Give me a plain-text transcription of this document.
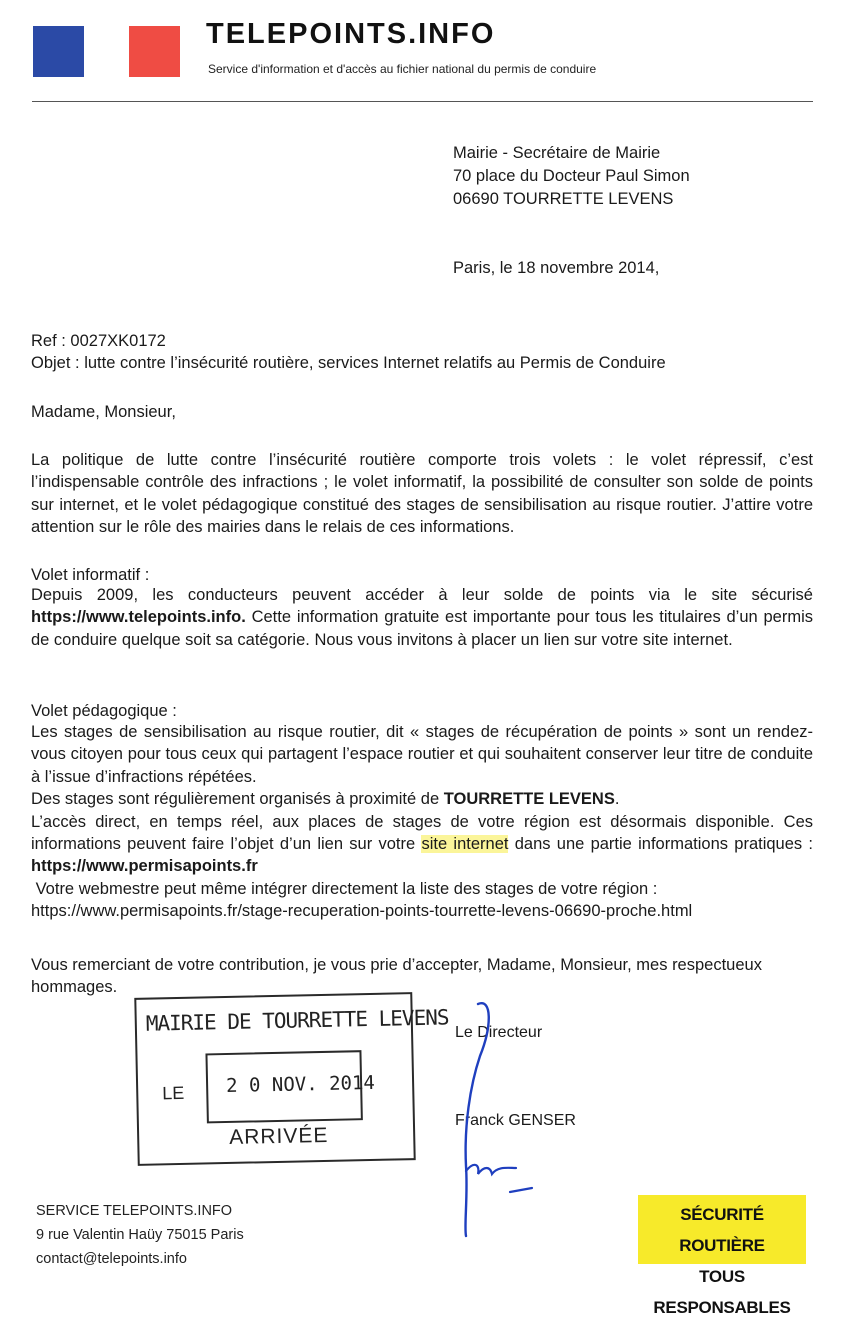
TELEPOINTS.INFO
Service d'information et d'accès au fichier national du permis de conduire
Mairie - Secrétaire de Mairie
70 place du Docteur Paul Simon
06690 TOURRETTE LEVENS
Paris, le 18 novembre 2014,
Ref : 0027XK0172
Objet : lutte contre l’insécurité routière, services Internet relatifs au Permis de Conduire
Madame, Monsieur,
La politique de lutte contre l’insécurité routière comporte trois volets : le volet répressif, c’est l’indispensable contrôle des infractions ; le volet informatif, la possibilité de consulter son solde de points sur internet, et le volet pédagogique constitué des stages de sensibilisation au risque routier. J’attire votre attention sur le rôle des mairies dans le relais de ces informations.
Volet informatif :
Depuis 2009, les conducteurs peuvent accéder à leur solde de points via le site sécurisé https://www.telepoints.info. Cette information gratuite est importante pour tous les titulaires d’un permis de conduire quelque soit sa catégorie. Nous vous invitons à placer un lien sur votre site internet.
Volet pédagogique :

Les stages de sensibilisation au risque routier, dit « stages de récupération de points » sont un rendez-vous citoyen pour tous ceux qui partagent l’espace routier et qui souhaitent conserver leur titre de conduite à l’issue d’infractions répétées.

Des stages sont régulièrement organisés à proximité de TOURRETTE LEVENS.

L’accès direct, en temps réel, aux places de stages de votre région est désormais disponible. Ces informations peuvent faire l’objet d’un lien sur votre site internet dans une partie informations pratiques : https://www.permisapoints.fr

Votre webmestre peut même intégrer directement la liste des stages de votre région :

https://www.permisapoints.fr/stage-recuperation-points-tourrette-levens-06690-proche.html

Vous remerciant de votre contribution, je vous prie d’accepter, Madame, Monsieur, mes respectueux hommages.
MAIRIE DE TOURRETTE LEVENS
LE 2 0 NOV. 2014
ARRIVÉE
Le Directeur
Franck GENSER
SERVICE TELEPOINTS.INFO
9 rue Valentin Haüy 75015 Paris
contact@telepoints.info
SÉCURITÉ ROUTIÈRE
TOUS RESPONSABLES
